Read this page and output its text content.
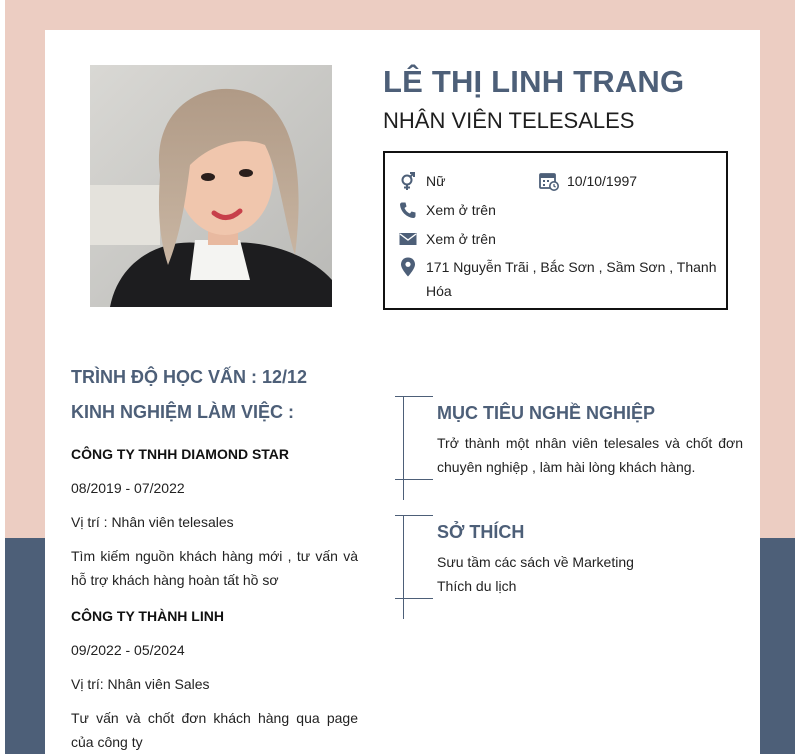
LÊ THỊ LINH TRANG
NHÂN VIÊN TELESALES
Nữ	10/10/1997
Xem ở trên
Xem ở trên
171 Nguyễn Trãi , Bắc Sơn , Sầm Sơn , Thanh Hóa
TRÌNH ĐỘ HỌC VẤN : 12/12
KINH NGHIỆM LÀM VIỆC :
CÔNG TY TNHH DIAMOND STAR
08/2019 - 07/2022
Vị trí : Nhân viên telesales
Tìm kiếm nguồn khách hàng mới , tư vấn và hỗ trợ khách hàng hoàn tất hồ sơ
CÔNG TY THÀNH LINH
09/2022 - 05/2024
Vị trí: Nhân viên Sales
Tư vấn và chốt đơn khách hàng qua page của công ty
MỤC TIÊU NGHỀ NGHIỆP
Trở thành một nhân viên telesales và chốt đơn chuyên nghiệp , làm hài lòng khách hàng.
SỞ THÍCH
Sưu tầm các sách về Marketing
Thích du lịch
